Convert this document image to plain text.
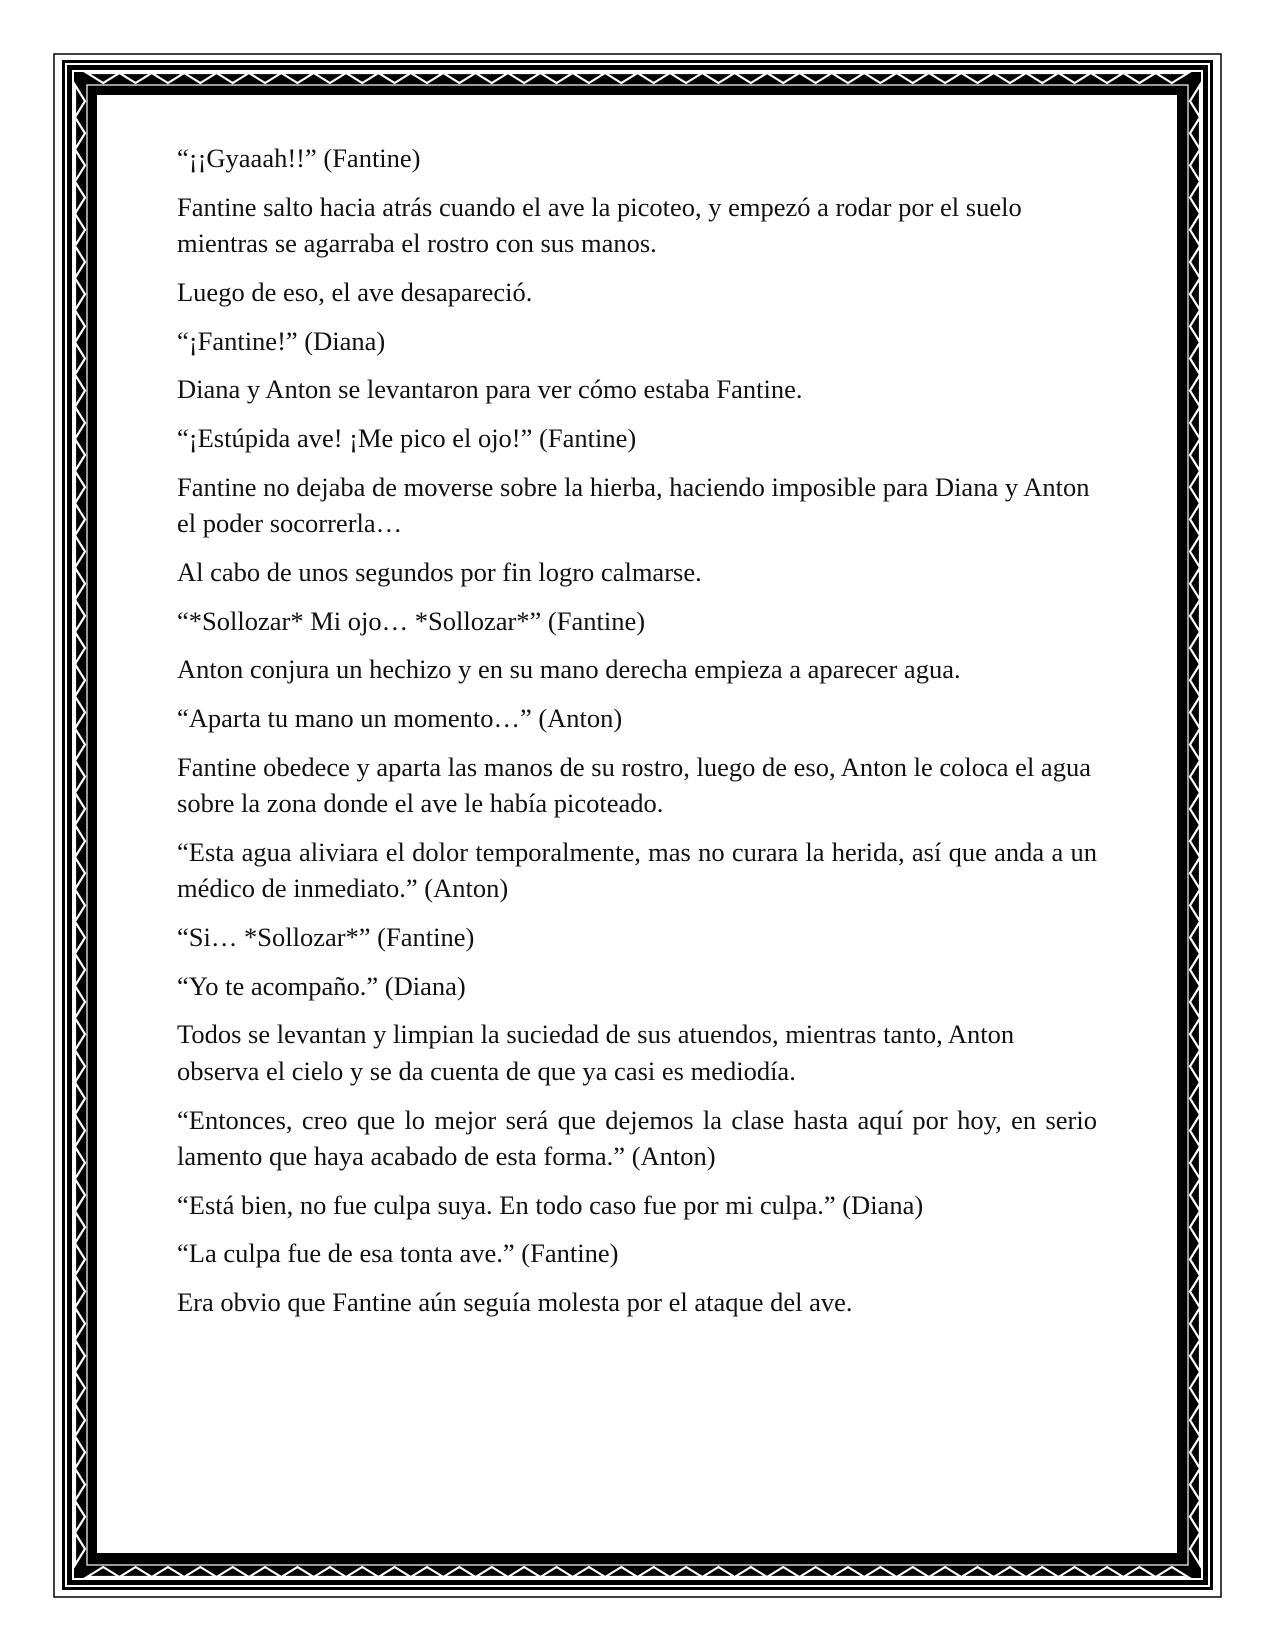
“¡¡Gyaaah!!” (Fantine)

Fantine salto hacia atrás cuando el ave la picoteo, y empezó a rodar por el suelo mientras se agarraba el rostro con sus manos.

Luego de eso, el ave desapareció.

“¡Fantine!” (Diana)

Diana y Anton se levantaron para ver cómo estaba Fantine.

“¡Estúpida ave! ¡Me pico el ojo!” (Fantine)

Fantine no dejaba de moverse sobre la hierba, haciendo imposible para Diana y Anton el poder socorrerla…

Al cabo de unos segundos por fin logro calmarse.

“*Sollozar* Mi ojo… *Sollozar*” (Fantine)

Anton conjura un hechizo y en su mano derecha empieza a aparecer agua.

“Aparta tu mano un momento…” (Anton)

Fantine obedece y aparta las manos de su rostro, luego de eso, Anton le coloca el agua sobre la zona donde el ave le había picoteado.

“Esta agua aliviara el dolor temporalmente, mas no curara la herida, así que anda a un médico de inmediato.” (Anton)

“Si… *Sollozar*” (Fantine)

“Yo te acompaño.” (Diana)

Todos se levantan y limpian la suciedad de sus atuendos, mientras tanto, Anton observa el cielo y se da cuenta de que ya casi es mediodía.

“Entonces, creo que lo mejor será que dejemos la clase hasta aquí por hoy, en serio lamento que haya acabado de esta forma.” (Anton)

“Está bien, no fue culpa suya. En todo caso fue por mi culpa.” (Diana)

“La culpa fue de esa tonta ave.” (Fantine)

Era obvio que Fantine aún seguía molesta por el ataque del ave.
